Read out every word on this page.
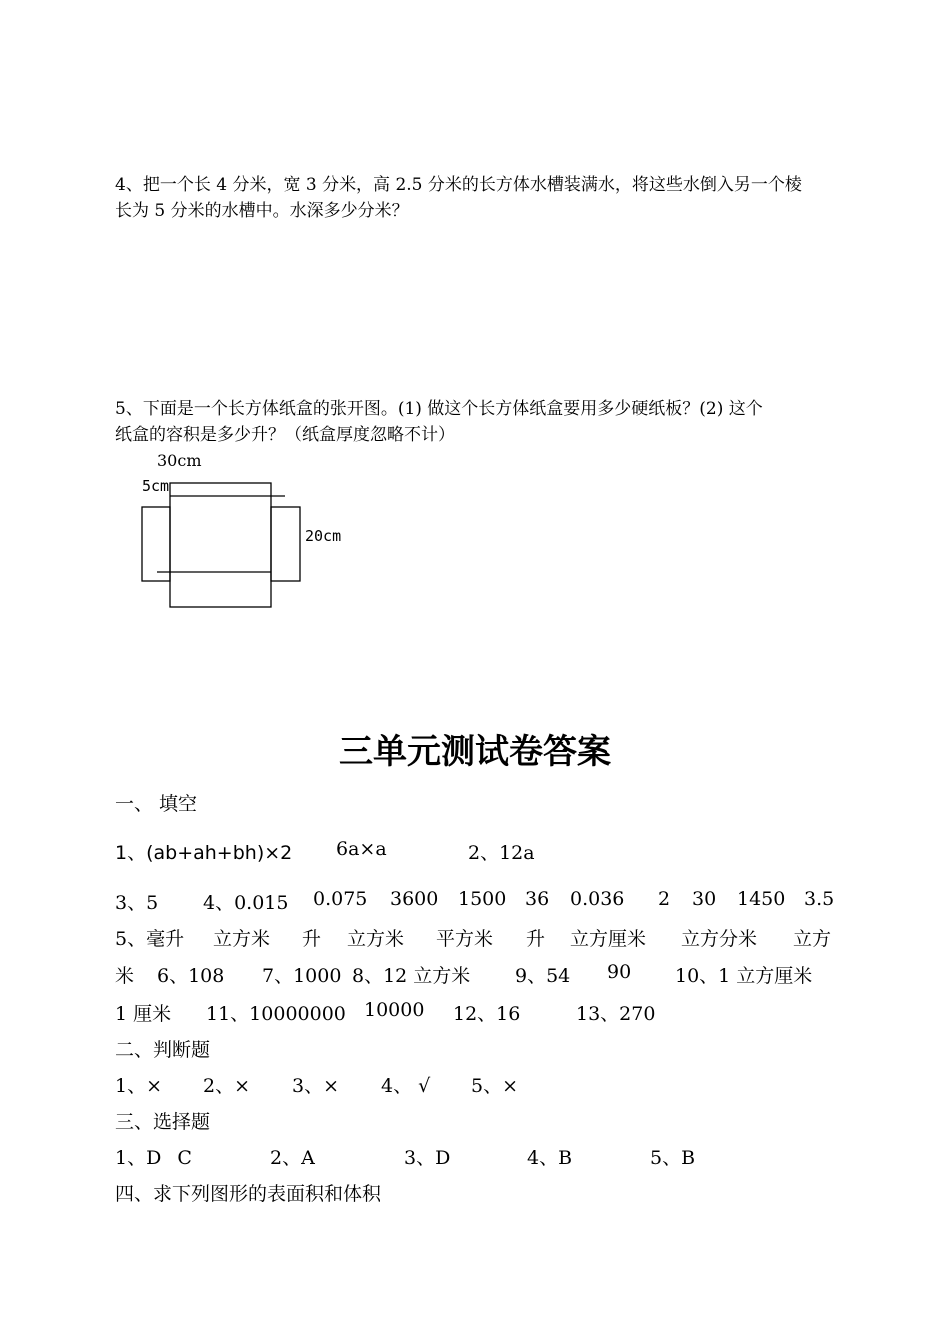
4、把一个长 4 分米，宽 3 分米，高 2.5 分米的长方体水槽装满水，将这些水倒入另一个棱
长为 5 分米的水槽中。水深多少分米？
5、下面是一个长方体纸盒的张开图。(1) 做这个长方体纸盒要用多少硬纸板？(2) 这个
纸盒的容积是多少升？（纸盒厚度忽略不计）
30cm
5cm
20cm
三单元测试卷答案
一、 填空
1、(ab+ah+bh)×2 6a×a	2、12a
3、5 4、0.015 0.075 3600 1500 36 0.036 2 30 1450 3.5
5、毫升 立方米 升 立方米 平方米 升 立方厘米 立方分米 立方
米 6、108 7、1000 8、12 立方米 9、54 90 10、1 立方厘米
1 厘米 11、10000000 10000 12、16	13、270
二、判断题
1、× 2、× 3、× 4、 √ 5、×
三、选择题
1、D C	2、A	3、D	4、B	5、B
四、求下列图形的表面积和体积
